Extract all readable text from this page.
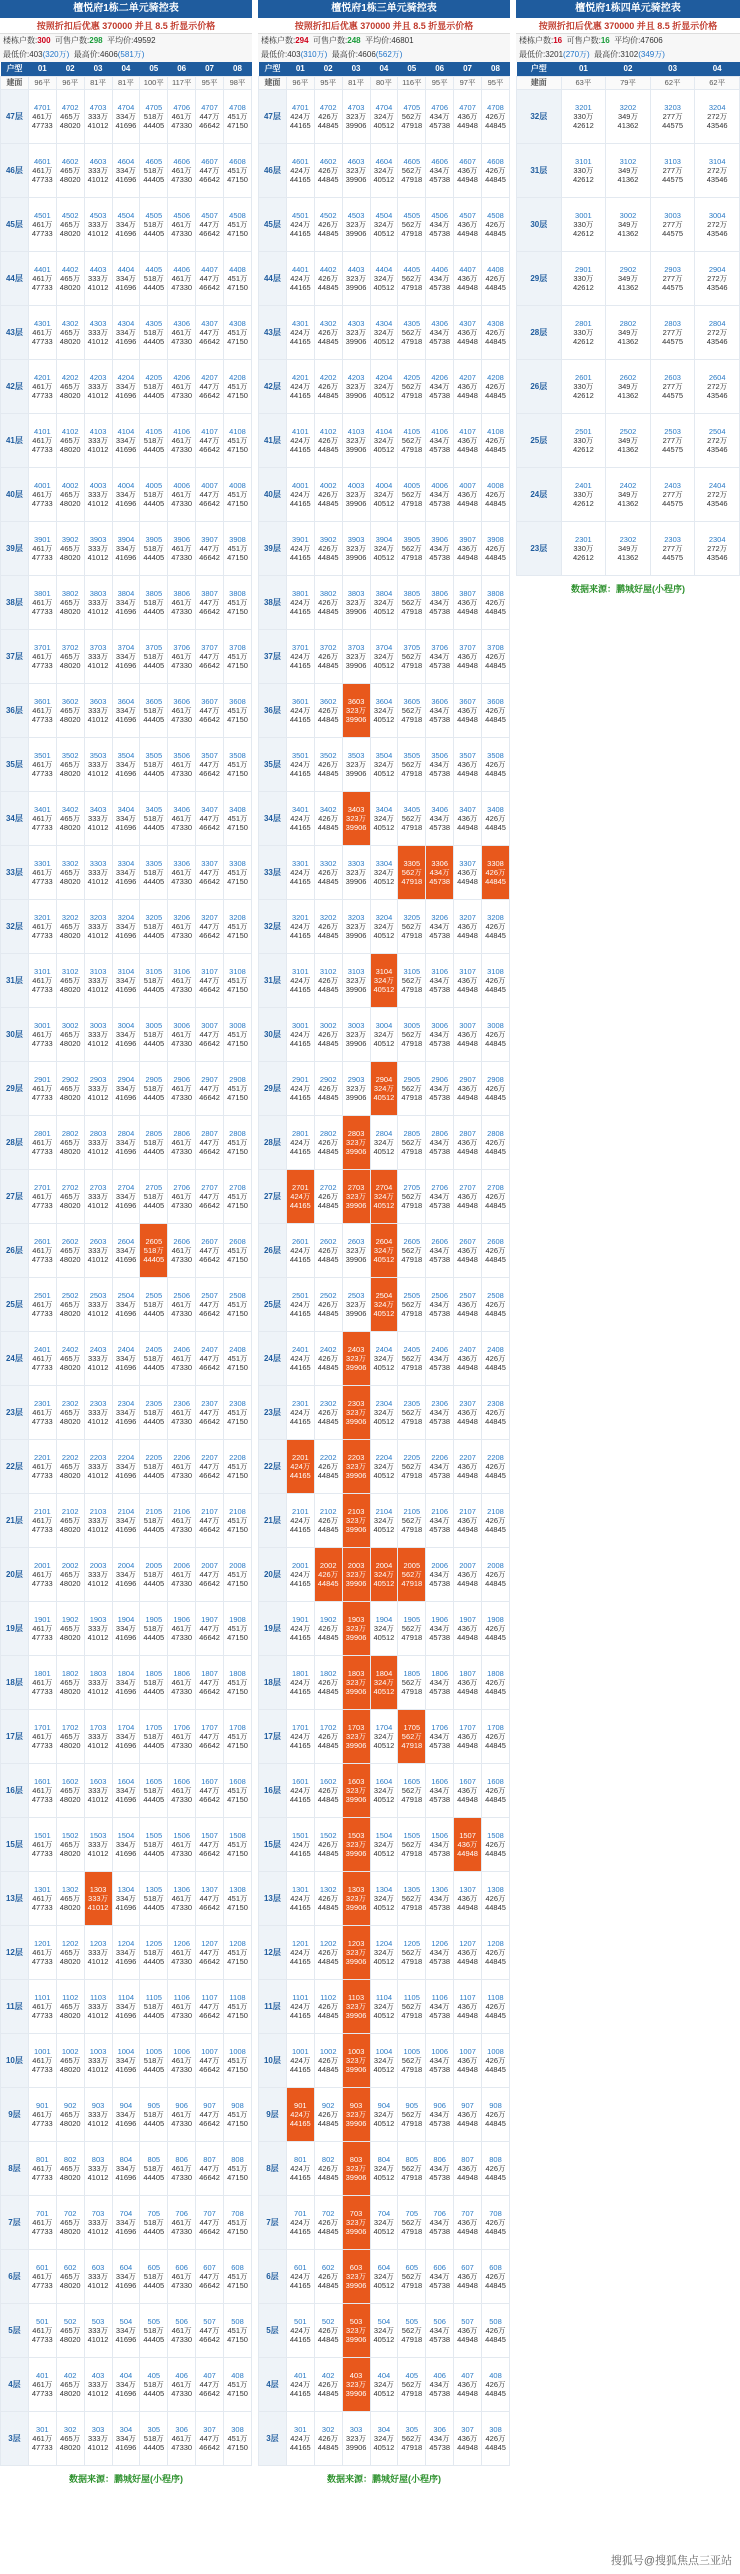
檀悦府1栋二单元骑控表
按照折扣后优惠 370000 并且 8.5 折显示价格
楼栋户数:300 可售户数:298 平均价:49592
最低价:403(320万) 最高价:4606(581万)
户型	01	02	03	04	05	06	07	08
建面	96平	96平	81平	81平	100平	117平	95平	98平
47层	4701
461万
47733	4702
465万
48020	4703
333万
41012	4704
334万
41696	4705
518万
44405	4706
461万
47330	4707
447万
46642	4708
451万
47150

46层	4601
461万
47733	4602
465万
48020	4603
333万
41012	4604
334万
41696	4605
518万
44405	4606
461万
47330	4607
447万
46642	4608
451万
47150

45层	4501
461万
47733	4502
465万
48020	4503
333万
41012	4504
334万
41696	4505
518万
44405	4506
461万
47330	4507
447万
46642	4508
451万
47150

44层	4401
461万
47733	4402
465万
48020	4403
333万
41012	4404
334万
41696	4405
518万
44405	4406
461万
47330	4407
447万
46642	4408
451万
47150

43层	4301
461万
47733	4302
465万
48020	4303
333万
41012	4304
334万
41696	4305
518万
44405	4306
461万
47330	4307
447万
46642	4308
451万
47150

42层	4201
461万
47733	4202
465万
48020	4203
333万
41012	4204
334万
41696	4205
518万
44405	4206
461万
47330	4207
447万
46642	4208
451万
47150

41层	4101
461万
47733	4102
465万
48020	4103
333万
41012	4104
334万
41696	4105
518万
44405	4106
461万
47330	4107
447万
46642	4108
451万
47150

40层	4001
461万
47733	4002
465万
48020	4003
333万
41012	4004
334万
41696	4005
518万
44405	4006
461万
47330	4007
447万
46642	4008
451万
47150

39层	3901
461万
47733	3902
465万
48020	3903
333万
41012	3904
334万
41696	3905
518万
44405	3906
461万
47330	3907
447万
46642	3908
451万
47150

38层	3801
461万
47733	3802
465万
48020	3803
333万
41012	3804
334万
41696	3805
518万
44405	3806
461万
47330	3807
447万
46642	3808
451万
47150

37层	3701
461万
47733	3702
465万
48020	3703
333万
41012	3704
334万
41696	3705
518万
44405	3706
461万
47330	3707
447万
46642	3708
451万
47150

36层	3601
461万
47733	3602
465万
48020	3603
333万
41012	3604
334万
41696	3605
518万
44405	3606
461万
47330	3607
447万
46642	3608
451万
47150

35层	3501
461万
47733	3502
465万
48020	3503
333万
41012	3504
334万
41696	3505
518万
44405	3506
461万
47330	3507
447万
46642	3508
451万
47150

34层	3401
461万
47733	3402
465万
48020	3403
333万
41012	3404
334万
41696	3405
518万
44405	3406
461万
47330	3407
447万
46642	3408
451万
47150

33层	3301
461万
47733	3302
465万
48020	3303
333万
41012	3304
334万
41696	3305
518万
44405	3306
461万
47330	3307
447万
46642	3308
451万
47150

32层	3201
461万
47733	3202
465万
48020	3203
333万
41012	3204
334万
41696	3205
518万
44405	3206
461万
47330	3207
447万
46642	3208
451万
47150

31层	3101
461万
47733	3102
465万
48020	3103
333万
41012	3104
334万
41696	3105
518万
44405	3106
461万
47330	3107
447万
46642	3108
451万
47150

30层	3001
461万
47733	3002
465万
48020	3003
333万
41012	3004
334万
41696	3005
518万
44405	3006
461万
47330	3007
447万
46642	3008
451万
47150

29层	2901
461万
47733	2902
465万
48020	2903
333万
41012	2904
334万
41696	2905
518万
44405	2906
461万
47330	2907
447万
46642	2908
451万
47150

28层	2801
461万
47733	2802
465万
48020	2803
333万
41012	2804
334万
41696	2805
518万
44405	2806
461万
47330	2807
447万
46642	2808
451万
47150

27层	2701
461万
47733	2702
465万
48020	2703
333万
41012	2704
334万
41696	2705
518万
44405	2706
461万
47330	2707
447万
46642	2708
451万
47150

26层	2601
461万
47733	2602
465万
48020	2603
333万
41012	2604
334万
41696	2605
518万
44405	2606
461万
47330	2607
447万
46642	2608
451万
47150

25层	2501
461万
47733	2502
465万
48020	2503
333万
41012	2504
334万
41696	2505
518万
44405	2506
461万
47330	2507
447万
46642	2508
451万
47150

24层	2401
461万
47733	2402
465万
48020	2403
333万
41012	2404
334万
41696	2405
518万
44405	2406
461万
47330	2407
447万
46642	2408
451万
47150

23层	2301
461万
47733	2302
465万
48020	2303
333万
41012	2304
334万
41696	2305
518万
44405	2306
461万
47330	2307
447万
46642	2308
451万
47150

22层	2201
461万
47733	2202
465万
48020	2203
333万
41012	2204
334万
41696	2205
518万
44405	2206
461万
47330	2207
447万
46642	2208
451万
47150

21层	2101
461万
47733	2102
465万
48020	2103
333万
41012	2104
334万
41696	2105
518万
44405	2106
461万
47330	2107
447万
46642	2108
451万
47150

20层	2001
461万
47733	2002
465万
48020	2003
333万
41012	2004
334万
41696	2005
518万
44405	2006
461万
47330	2007
447万
46642	2008
451万
47150

19层	1901
461万
47733	1902
465万
48020	1903
333万
41012	1904
334万
41696	1905
518万
44405	1906
461万
47330	1907
447万
46642	1908
451万
47150

18层	1801
461万
47733	1802
465万
48020	1803
333万
41012	1804
334万
41696	1805
518万
44405	1806
461万
47330	1807
447万
46642	1808
451万
47150

17层	1701
461万
47733	1702
465万
48020	1703
333万
41012	1704
334万
41696	1705
518万
44405	1706
461万
47330	1707
447万
46642	1708
451万
47150

16层	1601
461万
47733	1602
465万
48020	1603
333万
41012	1604
334万
41696	1605
518万
44405	1606
461万
47330	1607
447万
46642	1608
451万
47150

15层	1501
461万
47733	1502
465万
48020	1503
333万
41012	1504
334万
41696	1505
518万
44405	1506
461万
47330	1507
447万
46642	1508
451万
47150

13层	1301
461万
47733	1302
465万
48020	1303
333万
41012	1304
334万
41696	1305
518万
44405	1306
461万
47330	1307
447万
46642	1308
451万
47150

12层	1201
461万
47733	1202
465万
48020	1203
333万
41012	1204
334万
41696	1205
518万
44405	1206
461万
47330	1207
447万
46642	1208
451万
47150

11层	1101
461万
47733	1102
465万
48020	1103
333万
41012	1104
334万
41696	1105
518万
44405	1106
461万
47330	1107
447万
46642	1108
451万
47150

10层	1001
461万
47733	1002
465万
48020	1003
333万
41012	1004
334万
41696	1005
518万
44405	1006
461万
47330	1007
447万
46642	1008
451万
47150

9层	901
461万
47733	902
465万
48020	903
333万
41012	904
334万
41696	905
518万
44405	906
461万
47330	907
447万
46642	908
451万
47150

8层	801
461万
47733	802
465万
48020	803
333万
41012	804
334万
41696	805
518万
44405	806
461万
47330	807
447万
46642	808
451万
47150

7层	701
461万
47733	702
465万
48020	703
333万
41012	704
334万
41696	705
518万
44405	706
461万
47330	707
447万
46642	708
451万
47150

6层	601
461万
47733	602
465万
48020	603
333万
41012	604
334万
41696	605
518万
44405	606
461万
47330	607
447万
46642	608
451万
47150

5层	501
461万
47733	502
465万
48020	503
333万
41012	504
334万
41696	505
518万
44405	506
461万
47330	507
447万
46642	508
451万
47150

4层	401
461万
47733	402
465万
48020	403
333万
41012	404
334万
41696	405
518万
44405	406
461万
47330	407
447万
46642	408
451万
47150

3层	301
461万
47733	302
465万
48020	303
333万
41012	304
334万
41696	305
518万
44405	306
461万
47330	307
447万
46642	308
451万
47150
数据来源：鹏城好屋(小程序)
檀悦府1栋三单元骑控表
按照折扣后优惠 370000 并且 8.5 折显示价格
楼栋户数:294 可售户数:248 平均价:46801
最低价:403(310万) 最高价:4606(562万)
户型	01	02	03	04	05	06	07	08
建面	96平	95平	81平	80平	116平	95平	97平	95平
47层	4701
424万
44165	4702
426万
44845	4703
323万
39906	4704
324万
40512	4705
562万
47918	4706
434万
45738	4707
436万
44948	4708
426万
44845

46层	4601
424万
44165	4602
426万
44845	4603
323万
39906	4604
324万
40512	4605
562万
47918	4606
434万
45738	4607
436万
44948	4608
426万
44845

45层	4501
424万
44165	4502
426万
44845	4503
323万
39906	4504
324万
40512	4505
562万
47918	4506
434万
45738	4507
436万
44948	4508
426万
44845

44层	4401
424万
44165	4402
426万
44845	4403
323万
39906	4404
324万
40512	4405
562万
47918	4406
434万
45738	4407
436万
44948	4408
426万
44845

43层	4301
424万
44165	4302
426万
44845	4303
323万
39906	4304
324万
40512	4305
562万
47918	4306
434万
45738	4307
436万
44948	4308
426万
44845

42层	4201
424万
44165	4202
426万
44845	4203
323万
39906	4204
324万
40512	4205
562万
47918	4206
434万
45738	4207
436万
44948	4208
426万
44845

41层	4101
424万
44165	4102
426万
44845	4103
323万
39906	4104
324万
40512	4105
562万
47918	4106
434万
45738	4107
436万
44948	4108
426万
44845

40层	4001
424万
44165	4002
426万
44845	4003
323万
39906	4004
324万
40512	4005
562万
47918	4006
434万
45738	4007
436万
44948	4008
426万
44845

39层	3901
424万
44165	3902
426万
44845	3903
323万
39906	3904
324万
40512	3905
562万
47918	3906
434万
45738	3907
436万
44948	3908
426万
44845

38层	3801
424万
44165	3802
426万
44845	3803
323万
39906	3804
324万
40512	3805
562万
47918	3806
434万
45738	3807
436万
44948	3808
426万
44845

37层	3701
424万
44165	3702
426万
44845	3703
323万
39906	3704
324万
40512	3705
562万
47918	3706
434万
45738	3707
436万
44948	3708
426万
44845

36层	3601
424万
44165	3602
426万
44845	3603
323万
39906	3604
324万
40512	3605
562万
47918	3606
434万
45738	3607
436万
44948	3608
426万
44845

35层	3501
424万
44165	3502
426万
44845	3503
323万
39906	3504
324万
40512	3505
562万
47918	3506
434万
45738	3507
436万
44948	3508
426万
44845

34层	3401
424万
44165	3402
426万
44845	3403
323万
39906	3404
324万
40512	3405
562万
47918	3406
434万
45738	3407
436万
44948	3408
426万
44845

33层	3301
424万
44165	3302
426万
44845	3303
323万
39906	3304
324万
40512	3305
562万
47918	3306
434万
45738	3307
436万
44948	3308
426万
44845

32层	3201
424万
44165	3202
426万
44845	3203
323万
39906	3204
324万
40512	3205
562万
47918	3206
434万
45738	3207
436万
44948	3208
426万
44845

31层	3101
424万
44165	3102
426万
44845	3103
323万
39906	3104
324万
40512	3105
562万
47918	3106
434万
45738	3107
436万
44948	3108
426万
44845

30层	3001
424万
44165	3002
426万
44845	3003
323万
39906	3004
324万
40512	3005
562万
47918	3006
434万
45738	3007
436万
44948	3008
426万
44845

29层	2901
424万
44165	2902
426万
44845	2903
323万
39906	2904
324万
40512	2905
562万
47918	2906
434万
45738	2907
436万
44948	2908
426万
44845

28层	2801
424万
44165	2802
426万
44845	2803
323万
39906	2804
324万
40512	2805
562万
47918	2806
434万
45738	2807
436万
44948	2808
426万
44845

27层	2701
424万
44165	2702
426万
44845	2703
323万
39906	2704
324万
40512	2705
562万
47918	2706
434万
45738	2707
436万
44948	2708
426万
44845

26层	2601
424万
44165	2602
426万
44845	2603
323万
39906	2604
324万
40512	2605
562万
47918	2606
434万
45738	2607
436万
44948	2608
426万
44845

25层	2501
424万
44165	2502
426万
44845	2503
323万
39906	2504
324万
40512	2505
562万
47918	2506
434万
45738	2507
436万
44948	2508
426万
44845

24层	2401
424万
44165	2402
426万
44845	2403
323万
39906	2404
324万
40512	2405
562万
47918	2406
434万
45738	2407
436万
44948	2408
426万
44845

23层	2301
424万
44165	2302
426万
44845	2303
323万
39906	2304
324万
40512	2305
562万
47918	2306
434万
45738	2307
436万
44948	2308
426万
44845

22层	2201
424万
44165	2202
426万
44845	2203
323万
39906	2204
324万
40512	2205
562万
47918	2206
434万
45738	2207
436万
44948	2208
426万
44845

21层	2101
424万
44165	2102
426万
44845	2103
323万
39906	2104
324万
40512	2105
562万
47918	2106
434万
45738	2107
436万
44948	2108
426万
44845

20层	2001
424万
44165	2002
426万
44845	2003
323万
39906	2004
324万
40512	2005
562万
47918	2006
434万
45738	2007
436万
44948	2008
426万
44845

19层	1901
424万
44165	1902
426万
44845	1903
323万
39906	1904
324万
40512	1905
562万
47918	1906
434万
45738	1907
436万
44948	1908
426万
44845

18层	1801
424万
44165	1802
426万
44845	1803
323万
39906	1804
324万
40512	1805
562万
47918	1806
434万
45738	1807
436万
44948	1808
426万
44845

17层	1701
424万
44165	1702
426万
44845	1703
323万
39906	1704
324万
40512	1705
562万
47918	1706
434万
45738	1707
436万
44948	1708
426万
44845

16层	1601
424万
44165	1602
426万
44845	1603
323万
39906	1604
324万
40512	1605
562万
47918	1606
434万
45738	1607
436万
44948	1608
426万
44845

15层	1501
424万
44165	1502
426万
44845	1503
323万
39906	1504
324万
40512	1505
562万
47918	1506
434万
45738	1507
436万
44948	1508
426万
44845

13层	1301
424万
44165	1302
426万
44845	1303
323万
39906	1304
324万
40512	1305
562万
47918	1306
434万
45738	1307
436万
44948	1308
426万
44845

12层	1201
424万
44165	1202
426万
44845	1203
323万
39906	1204
324万
40512	1205
562万
47918	1206
434万
45738	1207
436万
44948	1208
426万
44845

11层	1101
424万
44165	1102
426万
44845	1103
323万
39906	1104
324万
40512	1105
562万
47918	1106
434万
45738	1107
436万
44948	1108
426万
44845

10层	1001
424万
44165	1002
426万
44845	1003
323万
39906	1004
324万
40512	1005
562万
47918	1006
434万
45738	1007
436万
44948	1008
426万
44845

9层	901
424万
44165	902
426万
44845	903
323万
39906	904
324万
40512	905
562万
47918	906
434万
45738	907
436万
44948	908
426万
44845

8层	801
424万
44165	802
426万
44845	803
323万
39906	804
324万
40512	805
562万
47918	806
434万
45738	807
436万
44948	808
426万
44845

7层	701
424万
44165	702
426万
44845	703
323万
39906	704
324万
40512	705
562万
47918	706
434万
45738	707
436万
44948	708
426万
44845

6层	601
424万
44165	602
426万
44845	603
323万
39906	604
324万
40512	605
562万
47918	606
434万
45738	607
436万
44948	608
426万
44845

5层	501
424万
44165	502
426万
44845	503
323万
39906	504
324万
40512	505
562万
47918	506
434万
45738	507
436万
44948	508
426万
44845

4层	401
424万
44165	402
426万
44845	403
323万
39906	404
324万
40512	405
562万
47918	406
434万
45738	407
436万
44948	408
426万
44845

3层	301
424万
44165	302
426万
44845	303
323万
39906	304
324万
40512	305
562万
47918	306
434万
45738	307
436万
44948	308
426万
44845
数据来源：鹏城好屋(小程序)
檀悦府1栋四单元骑控表
按照折扣后优惠 370000 并且 8.5 折显示价格
楼栋户数:16 可售户数:16 平均价:47606
最低价:3201(270万) 最高价:3102(349万)
户型	01	02	03	04
建面	63平	79平	62平	62平
32层	3201
330万
42612	3202
349万
41362	3203
277万
44575	3204
272万
43546

31层	3101
330万
42612	3102
349万
41362	3103
277万
44575	3104
272万
43546

30层	3001
330万
42612	3002
349万
41362	3003
277万
44575	3004
272万
43546

29层	2901
330万
42612	2902
349万
41362	2903
277万
44575	2904
272万
43546

28层	2801
330万
42612	2802
349万
41362	2803
277万
44575	2804
272万
43546

26层	2601
330万
42612	2602
349万
41362	2603
277万
44575	2604
272万
43546

25层	2501
330万
42612	2502
349万
41362	2503
277万
44575	2504
272万
43546

24层	2401
330万
42612	2402
349万
41362	2403
277万
44575	2404
272万
43546

23层	2301
330万
42612	2302
349万
41362	2303
277万
44575	2304
272万
43546
数据来源：鹏城好屋(小程序)
搜狐号@搜狐焦点三亚站
